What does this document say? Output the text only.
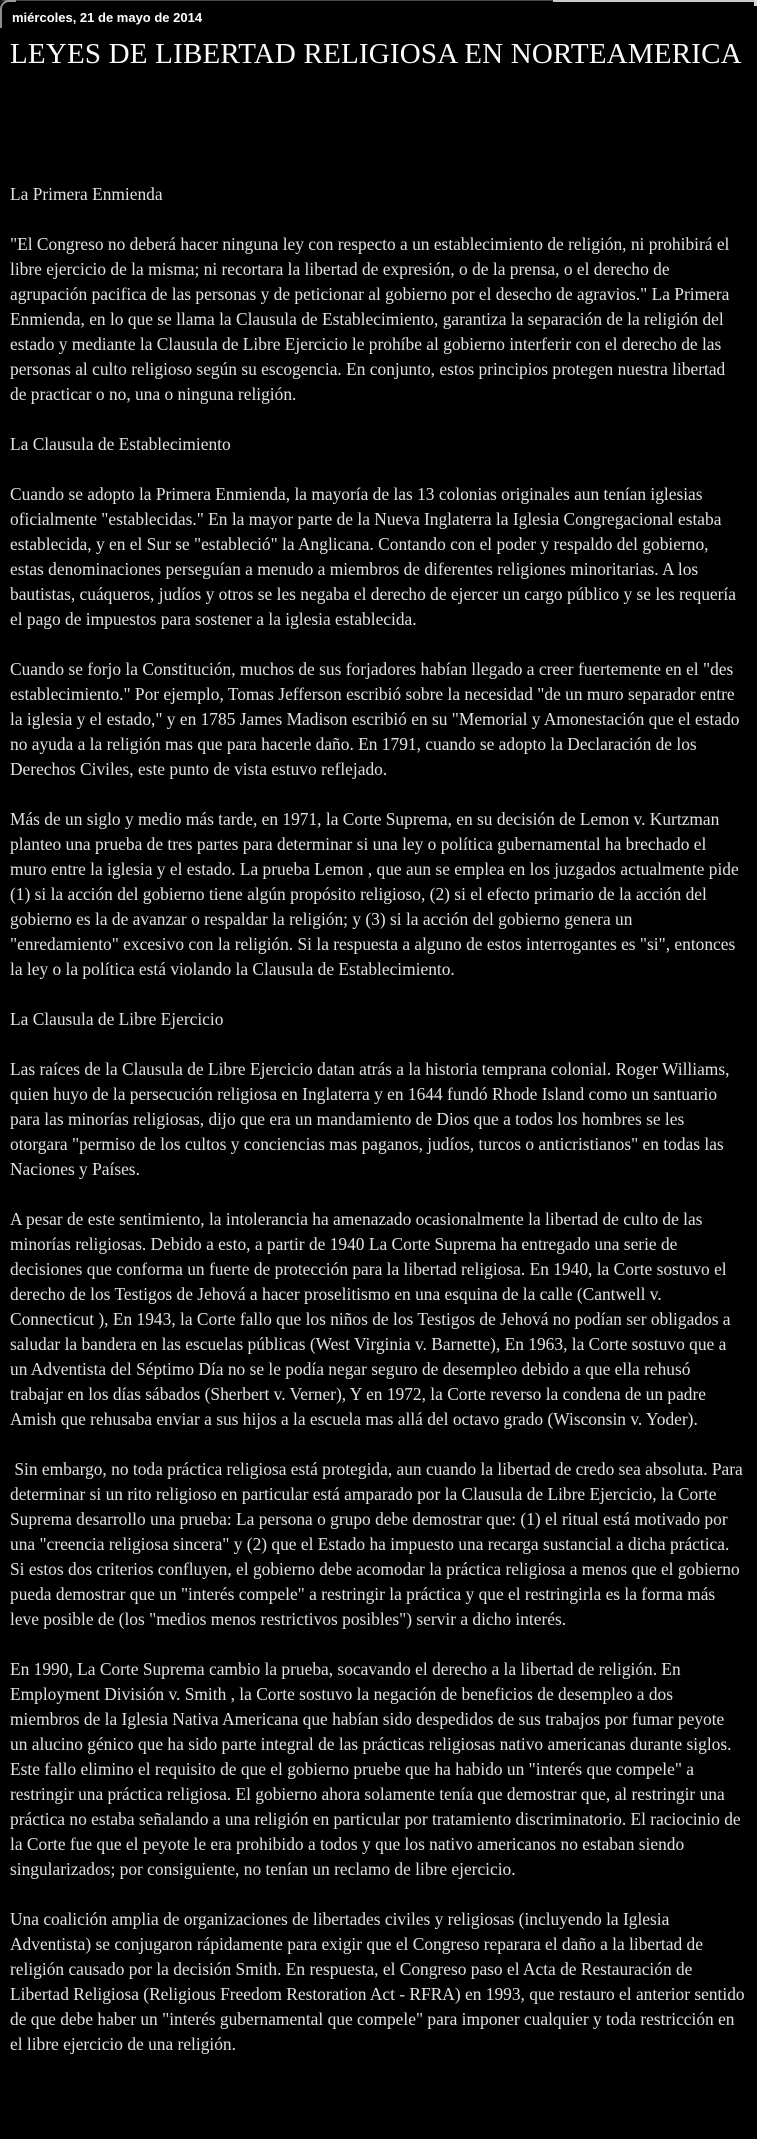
miércoles, 21 de mayo de 2014
LEYES DE LIBERTAD RELIGIOSA EN NORTEAMERICA
La Primera Enmienda
"El Congreso no deberá hacer ninguna ley con respecto a un establecimiento de religión, ni prohibirá el libre ejercicio de la misma; ni recortara la libertad de expresión, o de la prensa, o el derecho de agrupación pacifica de las personas y de peticionar al gobierno por el desecho de agravios." La Primera Enmienda, en lo que se llama la Clausula de Establecimiento, garantiza la separación de la religión del estado y mediante la Clausula de Libre Ejercicio le prohíbe al gobierno interferir con el derecho de las personas al culto religioso según su escogencia. En conjunto, estos principios protegen nuestra libertad de practicar o no, una o ninguna religión.
La Clausula de Establecimiento
Cuando se adopto la Primera Enmienda, la mayoría de las 13 colonias originales aun tenían iglesias oficialmente "establecidas." En la mayor parte de la Nueva Inglaterra la Iglesia Congregacional estaba establecida, y en el Sur se "estableció" la Anglicana. Contando con el poder y respaldo del gobierno, estas denominaciones perseguían a menudo a miembros de diferentes religiones minoritarias. A los bautistas, cuáqueros, judíos y otros se les negaba el derecho de ejercer un cargo público y se les requería el pago de impuestos para sostener a la iglesia establecida.
Cuando se forjo la Constitución, muchos de sus forjadores habían llegado a creer fuertemente en el "des establecimiento." Por ejemplo, Tomas Jefferson escribió sobre la necesidad "de un muro separador entre la iglesia y el estado," y en 1785 James Madison escribió en su "Memorial y Amonestación que el estado no ayuda a la religión mas que para hacerle daño. En 1791, cuando se adopto la Declaración de los Derechos Civiles, este punto de vista estuvo reflejado.
Más de un siglo y medio más tarde, en 1971, la Corte Suprema, en su decisión de Lemon v. Kurtzman planteo una prueba de tres partes para determinar si una ley o política gubernamental ha brechado el muro entre la iglesia y el estado. La prueba Lemon , que aun se emplea en los juzgados actualmente pide (1) si la acción del gobierno tiene algún propósito religioso, (2) si el efecto primario de la acción del gobierno es la de avanzar o respaldar la religión; y (3) si la acción del gobierno genera un "enredamiento" excesivo con la religión. Si la respuesta a alguno de estos interrogantes es "si", entonces la ley o la política está violando la Clausula de Establecimiento.
La Clausula de Libre Ejercicio
Las raíces de la Clausula de Libre Ejercicio datan atrás a la historia temprana colonial. Roger Williams, quien huyo de la persecución religiosa en Inglaterra y en 1644 fundó Rhode Island como un santuario para las minorías religiosas, dijo que era un mandamiento de Dios que a todos los hombres se les otorgara "permiso de los cultos y conciencias mas paganos, judíos, turcos o anticristianos" en todas las Naciones y Países.
A pesar de este sentimiento, la intolerancia ha amenazado ocasionalmente la libertad de culto de las minorías religiosas. Debido a esto, a partir de 1940 La Corte Suprema ha entregado una serie de decisiones que conforma un fuerte de protección para la libertad religiosa. En 1940, la Corte sostuvo el derecho de los Testigos de Jehová a hacer proselitismo en una esquina de la calle (Cantwell v. Connecticut ), En 1943, la Corte fallo que los niños de los Testigos de Jehová no podían ser obligados a saludar la bandera en las escuelas públicas (West Virginia v. Barnette), En 1963, la Corte sostuvo que a un Adventista del Séptimo Día no se le podía negar seguro de desempleo debido a que ella rehusó trabajar en los días sábados (Sherbert v. Verner), Y en 1972, la Corte reverso la condena de un padre Amish que rehusaba enviar a sus hijos a la escuela mas allá del octavo grado (Wisconsin v. Yoder).
Sin embargo, no toda práctica religiosa está protegida, aun cuando la libertad de credo sea absoluta. Para determinar si un rito religioso en particular está amparado por la Clausula de Libre Ejercicio, la Corte Suprema desarrollo una prueba: La persona o grupo debe demostrar que: (1) el ritual está motivado por una "creencia religiosa sincera" y (2) que el Estado ha impuesto una recarga sustancial a dicha práctica. Si estos dos criterios confluyen, el gobierno debe acomodar la práctica religiosa a menos que el gobierno pueda demostrar que un "interés compele" a restringir la práctica y que el restringirla es la forma más leve posible de (los "medios menos restrictivos posibles") servir a dicho interés.
En 1990, La Corte Suprema cambio la prueba, socavando el derecho a la libertad de religión. En Employment División v. Smith , la Corte sostuvo la negación de beneficios de desempleo a dos miembros de la Iglesia Nativa Americana que habían sido despedidos de sus trabajos por fumar peyote un alucino génico que ha sido parte integral de las prácticas religiosas nativo americanas durante siglos. Este fallo elimino el requisito de que el gobierno pruebe que ha habido un "interés que compele" a restringir una práctica religiosa. El gobierno ahora solamente tenía que demostrar que, al restringir una práctica no estaba señalando a una religión en particular por tratamiento discriminatorio. El raciocinio de la Corte fue que el peyote le era prohibido a todos y que los nativo americanos no estaban siendo singularizados; por consiguiente, no tenían un reclamo de libre ejercicio.
Una coalición amplia de organizaciones de libertades civiles y religiosas (incluyendo la Iglesia Adventista) se conjugaron rápidamente para exigir que el Congreso reparara el daño a la libertad de religión causado por la decisión Smith. En respuesta, el Congreso paso el Acta de Restauración de Libertad Religiosa (Religious Freedom Restoration Act - RFRA) en 1993, que restauro el anterior sentido de que debe haber un "interés gubernamental que compele" para imponer cualquier y toda restricción en el libre ejercicio de una religión.
